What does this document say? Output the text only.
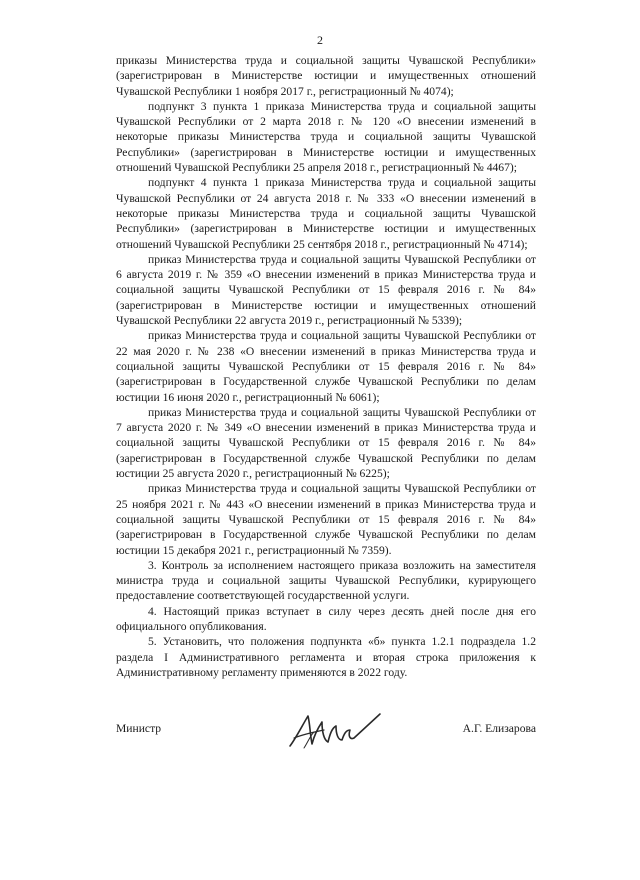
2

приказы Министерства труда и социальной защиты Чувашской Республики» (зарегистрирован в Министерстве юстиции и имущественных отношений Чувашской Республики 1 ноября 2017 г., регистрационный № 4074);

подпункт 3 пункта 1 приказа Министерства труда и социальной защиты Чувашской Республики от 2 марта 2018 г. № 120 «О внесении изменений в некоторые приказы Министерства труда и социальной защиты Чувашской Республики» (зарегистрирован в Министерстве юстиции и имущественных отношений Чувашской Республики 25 апреля 2018 г., регистрационный № 4467);

подпункт 4 пункта 1 приказа Министерства труда и социальной защиты Чувашской Республики от 24 августа 2018 г. № 333 «О внесении изменений в некоторые приказы Министерства труда и социальной защиты Чувашской Республики» (зарегистрирован в Министерстве юстиции и имущественных отношений Чувашской Республики 25 сентября 2018 г., регистрационный № 4714);

приказ Министерства труда и социальной защиты Чувашской Республики от 6 августа 2019 г. № 359 «О внесении изменений в приказ Министерства труда и социальной защиты Чувашской Республики от 15 февраля 2016 г. № 84» (зарегистрирован в Министерстве юстиции и имущественных отношений Чувашской Республики 22 августа 2019 г., регистрационный № 5339);

приказ Министерства труда и социальной защиты Чувашской Республики от 22 мая 2020 г. № 238 «О внесении изменений в приказ Министерства труда и социальной защиты Чувашской Республики от 15 февраля 2016 г. № 84» (зарегистрирован в Государственной службе Чувашской Республики по делам юстиции 16 июня 2020 г., регистрационный № 6061);

приказ Министерства труда и социальной защиты Чувашской Республики от 7 августа 2020 г. № 349 «О внесении изменений в приказ Министерства труда и социальной защиты Чувашской Республики от 15 февраля 2016 г. № 84» (зарегистрирован в Государственной службе Чувашской Республики по делам юстиции 25 августа 2020 г., регистрационный № 6225);

приказ Министерства труда и социальной защиты Чувашской Республики от 25 ноября 2021 г. № 443 «О внесении изменений в приказ Министерства труда и социальной защиты Чувашской Республики от 15 февраля 2016 г. № 84» (зарегистрирован в Государственной службе Чувашской Республики по делам юстиции 15 декабря 2021 г., регистрационный № 7359).

3. Контроль за исполнением настоящего приказа возложить на заместителя министра труда и социальной защиты Чувашской Республики, курирующего предоставление соответствующей государственной услуги.

4. Настоящий приказ вступает в силу через десять дней после дня его официального опубликования.

5. Установить, что положения подпункта «б» пункта 1.2.1 подраздела 1.2 раздела I Административного регламента и вторая строка приложения к Административному регламенту применяются в 2022 году.

Министр	А.Г. Елизарова
